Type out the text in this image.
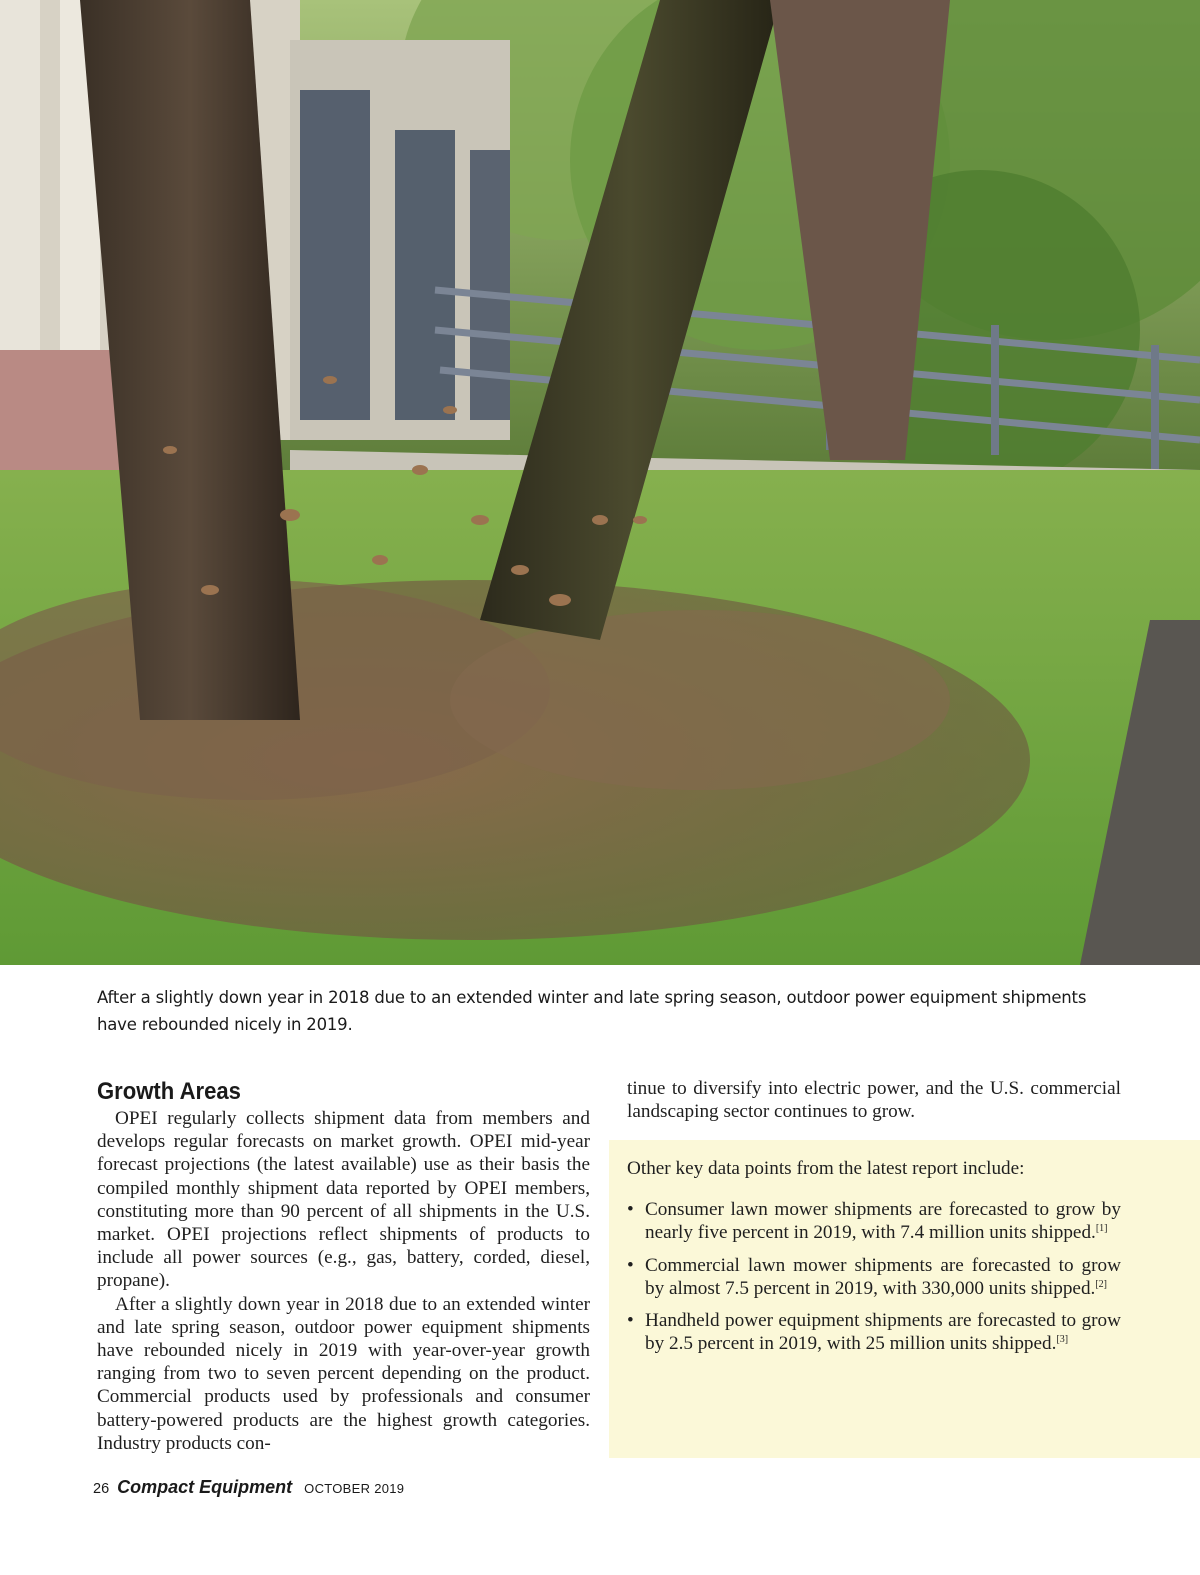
After a slightly down year in 2018 due to an extended winter and late spring season, outdoor power equipment shipments have rebounded nicely in 2019.
Growth Areas

OPEI regularly collects shipment data from members and develops regular forecasts on market growth. OPEI mid-year forecast projections (the latest available) use as their basis the compiled monthly shipment data reported by OPEI members, constituting more than 90 percent of all shipments in the U.S. market. OPEI projections reflect shipments of products to include all power sources (e.g., gas, battery, corded, diesel, propane).

After a slightly down year in 2018 due to an extended winter and late spring season, outdoor power equipment shipments have rebounded nicely in 2019 with year-over-year growth ranging from two to seven percent depending on the product. Commercial products used by professionals and consumer battery-powered products are the highest growth categories. Industry products con-

tinue to diversify into electric power, and the U.S. commercial landscaping sector continues to grow.

Other key data points from the latest report include:

• Consumer lawn mower shipments are forecasted to grow by nearly five percent in 2019, with 7.4 million units shipped.[1]
• Commercial lawn mower shipments are forecasted to grow by almost 7.5 percent in 2019, with 330,000 units shipped.[2]
• Handheld power equipment shipments are forecasted to grow by 2.5 percent in 2019, with 25 million units shipped.[3]
26 Compact Equipment OCTOBER 2019
